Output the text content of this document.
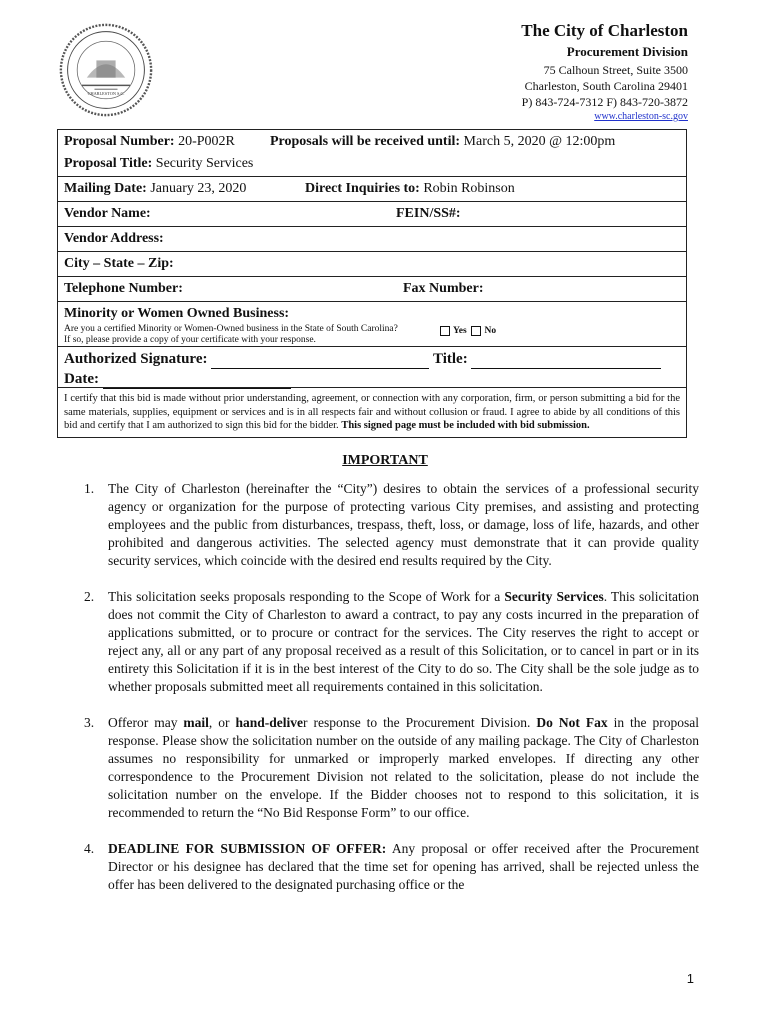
CHARLESTON S.C.
The City of Charleston
Procurement Division
75 Calhoun Street, Suite 3500
Charleston, South Carolina 29401
P) 843-724-7312 F) 843-720-3872
www.charleston-sc.gov
Proposal Number: 20-P002R	Proposals will be received until: March 5, 2020 @ 12:00pm
Proposal Title: Security Services
Mailing Date: January 23, 2020	Direct Inquiries to: Robin Robinson
Vendor Name:	FEIN/SS#:
Vendor Address:
City – State – Zip:
Telephone Number:	Fax Number:
Minority or Women Owned Business:
Are you a certified Minority or Women-Owned business in the State of South Carolina?
If so, please provide a copy of your certificate with your response.
Yes No
Authorized Signature:	Title:
Date:
I certify that this bid is made without prior understanding, agreement, or connection with any corporation, firm, or person submitting a bid for the same materials, supplies, equipment or services and is in all respects fair and without collusion or fraud. I agree to abide by all conditions of this bid and certify that I am authorized to sign this bid for the bidder. This signed page must be included with bid submission.
IMPORTANT
1.	The City of Charleston (hereinafter the “City”) desires to obtain the services of a professional security agency or organization for the purpose of protecting various City premises, and assisting and protecting employees and the public from disturbances, trespass, theft, loss, or damage, loss of life, hazards, and other prohibited and dangerous activities. The selected agency must demonstrate that it can provide quality security services, which coincide with the desired end results required by the City.
2.	This solicitation seeks proposals responding to the Scope of Work for a Security Services. This solicitation does not commit the City of Charleston to award a contract, to pay any costs incurred in the preparation of applications submitted, or to procure or contract for the services. The City reserves the right to accept or reject any, all or any part of any proposal received as a result of this Solicitation, or to cancel in part or in its entirety this Solicitation if it is in the best interest of the City to do so. The City shall be the sole judge as to whether proposals submitted meet all requirements contained in this solicitation.
3.	Offeror may mail, or hand-deliver response to the Procurement Division. Do Not Fax in the proposal response. Please show the solicitation number on the outside of any mailing package. The City of Charleston assumes no responsibility for unmarked or improperly marked envelopes. If directing any other correspondence to the Procurement Division not related to the solicitation, please do not include the solicitation number on the envelope. If the Bidder chooses not to respond to this solicitation, it is recommended to return the “No Bid Response Form” to our office.
4.	DEADLINE FOR SUBMISSION OF OFFER: Any proposal or offer received after the Procurement Director or his designee has declared that the time set for opening has arrived, shall be rejected unless the offer has been delivered to the designated purchasing office or the
1
